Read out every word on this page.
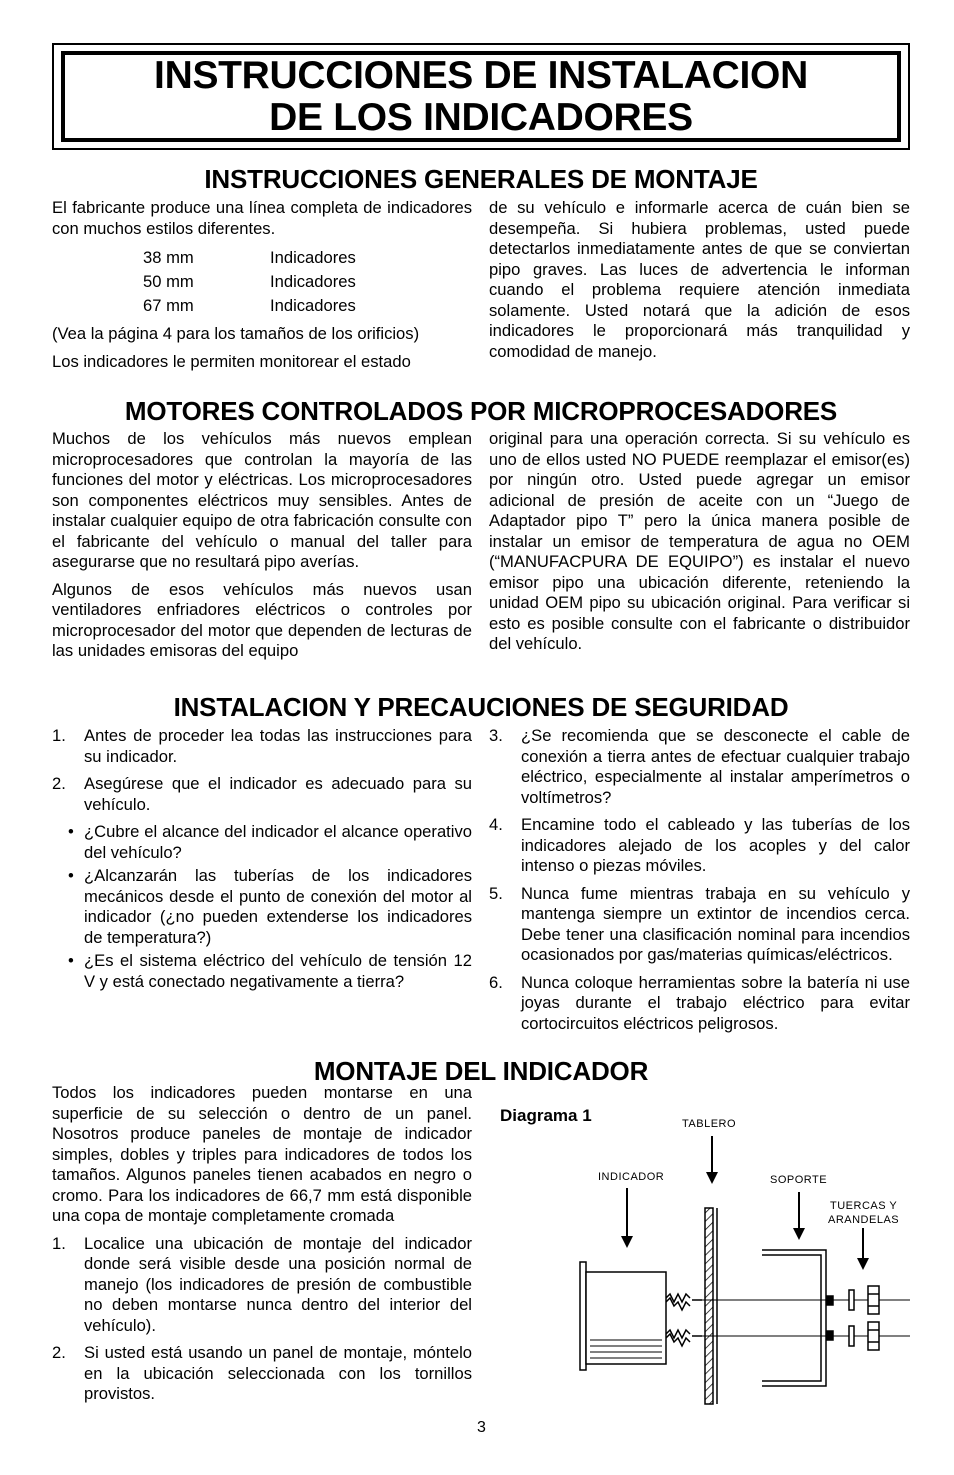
INSTRUCCIONES DE INSTALACION
DE LOS INDICADORES
INSTRUCCIONES GENERALES DE MONTAJE

El fabricante produce una línea completa de indicadores con muchos estilos diferentes.

38 mm	Indicadores
50 mm	Indicadores
67 mm	Indicadores

(Vea la página 4 para los tamaños de los orificios)

Los indicadores le permiten monitorear el estado

de su vehículo e informarle acerca de cuán bien se desempeña. Si hubiera problemas, usted puede detectarlos inmediatamente antes de que se conviertan pipo graves. Las luces de advertencia le informan cuando el problema requiere atención inmediata solamente. Usted notará que la adición de esos indicadores le proporcionará más tranquilidad y comodidad de manejo.

MOTORES CONTROLADOS POR MICROPROCESADORES

Muchos de los vehículos más nuevos emplean microprocesadores que controlan la mayoría de las funciones del motor y eléctricas. Los microprocesadores son componentes eléctricos muy sensibles. Antes de instalar cualquier equipo de otra fabricación consulte con el fabricante del vehículo o manual del taller para asegurarse que no resultará pipo averías.

Algunos de esos vehículos más nuevos usan ventiladores enfriadores eléctricos o controles por microprocesador del motor que dependen de lecturas de las unidades emisoras del equipo

original para una operación correcta. Si su vehículo es uno de ellos usted NO PUEDE reemplazar el emisor(es) por ningún otro. Usted puede agregar un emisor adicional de presión de aceite con un “Juego de Adaptador pipo T” pero la única manera posible de instalar un emisor de temperatura de agua no OEM (“MANUFACPURA DE EQUIPO”) es instalar el nuevo emisor pipo una ubicación diferente, reteniendo la unidad OEM pipo su ubicación original. Para verificar si esto es posible consulte con el fabricante o distribuidor del vehículo.

INSTALACION Y PRECAUCIONES DE SEGURIDAD
1. Antes de proceder lea todas las instrucciones para su indicador.
2. Asegúrese que el indicador es adecuado para su vehículo.
• ¿Cubre el alcance del indicador el alcance operativo del vehículo?
• ¿Alcanzarán las tuberías de los indicadores mecánicos desde el punto de conexión del motor al indicador (¿no pueden extenderse los indicadores de temperatura?)
• ¿Es el sistema eléctrico del vehículo de tensión 12 V y está conectado negativamente a tierra?
3. ¿Se recomienda que se desconecte el cable de conexión a tierra antes de efectuar cualquier trabajo eléctrico, especialmente al instalar amperímetros o voltímetros?
4. Encamine todo el cableado y las tuberías de los indicadores alejado de los acoples y del calor intenso o piezas móviles.
5. Nunca fume mientras trabaja en su vehículo y mantenga siempre un extintor de incendios cerca. Debe tener una clasificación nominal para incendios ocasionados por gas/materias químicas/eléctricos.
6. Nunca coloque herramientas sobre la batería ni use joyas durante el trabajo eléctrico para evitar cortocircuitos eléctricos peligrosos.
MONTAJE DEL INDICADOR

Todos los indicadores pueden montarse en una superficie de su selección o dentro de un panel. Nosotros produce paneles de montaje de indicador simples, dobles y triples para indicadores de todos los tamaños. Algunos paneles tienen acabados en negro o cromo. Para los indicadores de 66,7 mm está disponible una copa de montaje completamente cromada

1. Localice una ubicación de montaje del indicador donde será visible desde una posición normal de manejo (los indicadores de presión de combustible no deben montarse nunca dentro del interior del vehículo).
2. Si usted está usando un panel de montaje, móntelo en la ubicación seleccionada con los tornillos provistos.
Diagrama 1	TABLERO
INDICADOR	SOPORTE
TUERCAS Y
ARANDELAS
3
